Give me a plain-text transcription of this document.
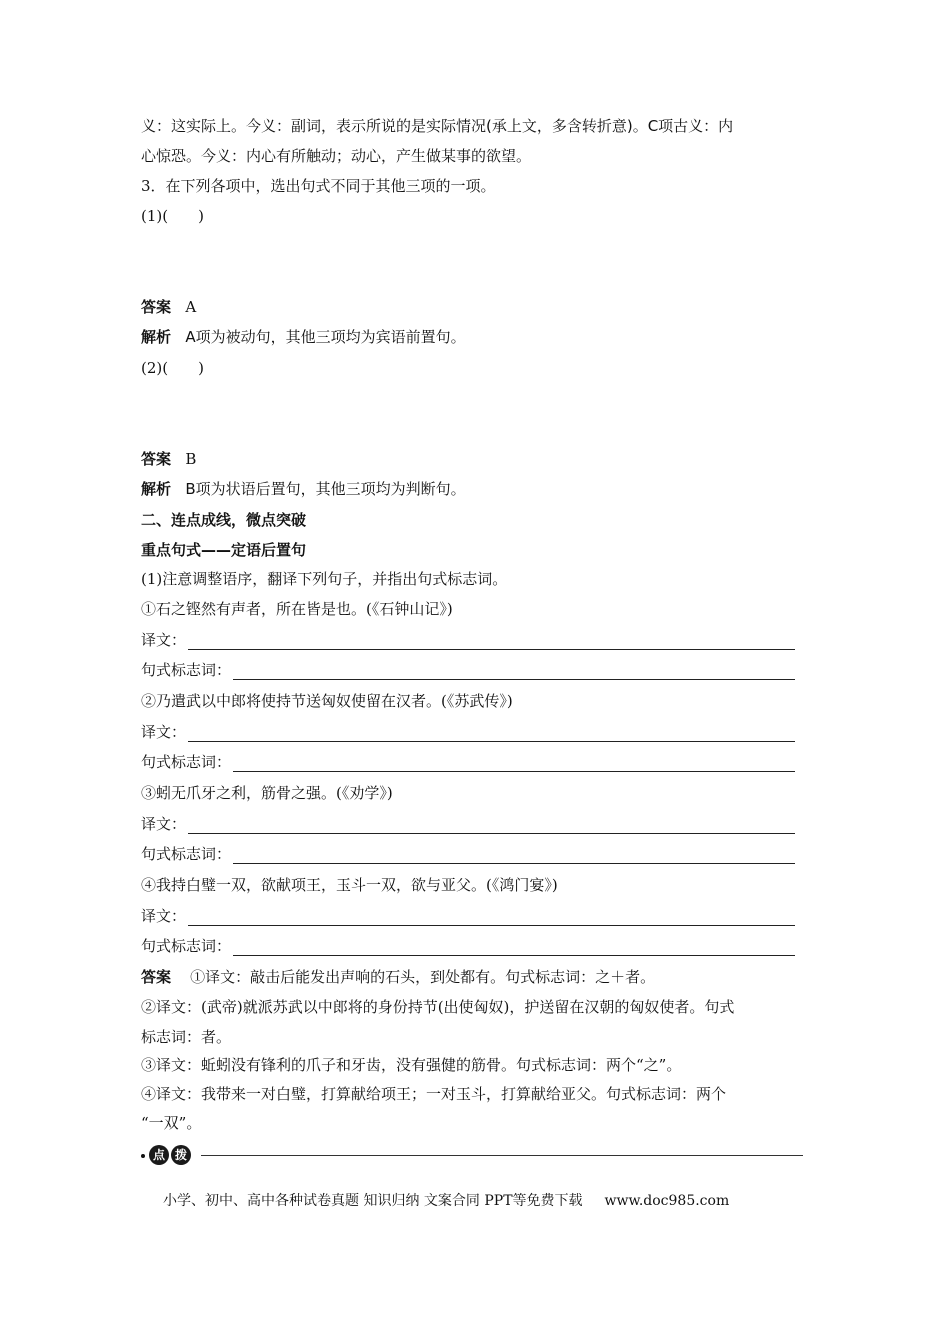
义：这实际上。今义：副词，表示所说的是实际情况(承上文，多含转折意)。C项古义：内
心惊恐。今义：内心有所触动；动心，产生做某事的欲望。
3．在下列各项中，选出句式不同于其他三项的一项。
(1)(　　)
答案 A
解析 A项为被动句，其他三项均为宾语前置句。
(2)(　　)
答案 B
解析 B项为状语后置句，其他三项均为判断句。
二、连点成线，微点突破
重点句式——定语后置句
(1)注意调整语序，翻译下列句子，并指出句式标志词。
①石之铿然有声者，所在皆是也。(《石钟山记》)
译文：
句式标志词：
②乃遣武以中郎将使持节送匈奴使留在汉者。(《苏武传》)
译文：
句式标志词：
③蚓无爪牙之利，筋骨之强。(《劝学》)
译文：
句式标志词：
④我持白璧一双，欲献项王，玉斗一双，欲与亚父。(《鸿门宴》)
译文：
句式标志词：
答案 ①译文：敲击后能发出声响的石头，到处都有。句式标志词：之＋者。
②译文：(武帝)就派苏武以中郎将的身份持节(出使匈奴)，护送留在汉朝的匈奴使者。句式
标志词：者。
③译文：蚯蚓没有锋利的爪子和牙齿，没有强健的筋骨。句式标志词：两个“之”。
④译文：我带来一对白璧，打算献给项王；一对玉斗，打算献给亚父。句式标志词：两个
“一双”。
点 拨
小学、初中、高中各种试卷真题 知识归纳 文案合同 PPT等免费下载 www.doc985.com
